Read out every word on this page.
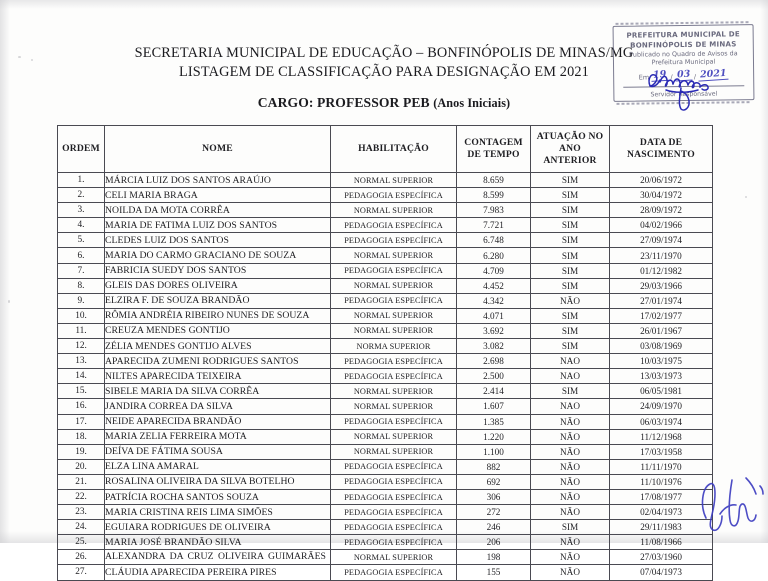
SECRETARIA MUNICIPAL DE EDUCAÇÃO – BONFINÓPOLIS DE MINAS/MG
LISTAGEM DE CLASSIFICAÇÃO PARA DESIGNAÇÃO EM 2021
CARGO: PROFESSOR PEB (Anos Iniciais)
PREFEITURA MUNICIPAL DE
BONFINÓPOLIS DE MINAS
Publicado no Quadro de Avisos da
Prefeitura Municipal
Em 19 / 03 / 2021
Servidor Responsável
ORDEM	NOME	HABILITAÇÃO	CONTAGEM DE TEMPO	ATUAÇÃO NO ANO ANTERIOR	DATA DE NASCIMENTO
1.	MÁRCIA LUIZ DOS SANTOS ARAÚJO	NORMAL SUPERIOR	8.659	SIM	20/06/1972
2.	CELI MARIA BRAGA	PEDAGOGIA ESPECÍFICA	8.599	SIM	30/04/1972
3.	NOILDA DA MOTA CORRÊA	NORMAL SUPERIOR	7.983	SIM	28/09/1972
4.	MARIA DE FATIMA LUIZ DOS SANTOS	PEDAGOGIA ESPECÍFICA	7.721	SIM	04/02/1966
5.	CLEDES LUIZ DOS SANTOS	PEDAGOGIA ESPECÍFICA	6.748	SIM	27/09/1974
6.	MARIA DO CARMO GRACIANO DE SOUZA	NORMAL SUPERIOR	6.280	SIM	23/11/1970
7.	FABRICIA SUEDY DOS SANTOS	PEDAGOGIA ESPECÍFICA	4.709	SIM	01/12/1982
8.	GLEIS DAS DORES OLIVEIRA	NORMAL SUPERIOR	4.452	SIM	29/03/1966
9.	ELZIRA F. DE SOUZA BRANDÃO	PEDAGOGIA ESPECÍFICA	4.342	NÃO	27/01/1974
10.	RÔMIA ANDRÉIA RIBEIRO NUNES DE SOUZA	NORMAL SUPERIOR	4.071	SIM	17/02/1977
11.	CREUZA MENDES GONTIJO	NORMAL SUPERIOR	3.692	SIM	26/01/1967
12.	ZÉLIA MENDES GONTIJO ALVES	NORMA SUPERIOR	3.082	SIM	03/08/1969
13.	APARECIDA ZUMENI RODRIGUES SANTOS	PEDAGOGIA ESPECÍFICA	2.698	NAO	10/03/1975
14.	NILTES APARECIDA TEIXEIRA	PEDAGOGIA ESPECÍFICA	2.500	NAO	13/03/1973
15.	SIBELE MARIA DA SILVA CORRÊA	NORMAL SUPERIOR	2.414	SIM	06/05/1981
16.	JANDIRA CORREA DA SILVA	NORMAL SUPERIOR	1.607	NAO	24/09/1970
17.	NEIDE APARECIDA BRANDÃO	PEDAGOGIA ESPECÍFICA	1.385	NÃO	06/03/1974
18.	MARIA ZELIA FERREIRA MOTA	NORMAL SUPERIOR	1.220	NÃO	11/12/1968
19.	DEÍVA DE FÁTIMA SOUSA	NORMAL SUPERIOR	1.100	NÃO	17/03/1958
20.	ELZA LINA AMARAL	PEDAGOGIA ESPECÍFICA	882	NÃO	11/11/1970
21.	ROSALINA OLIVEIRA DA SILVA BOTELHO	PEDAGOGIA ESPECÍFICA	692	NÃO	11/10/1976
22.	PATRÍCIA ROCHA SANTOS SOUZA	PEDAGOGIA ESPECÍFICA	306	NÃO	17/08/1977
23.	MARIA CRISTINA REIS LIMA SIMÕES	PEDAGOGIA ESPECÍFICA	272	NÃO	02/04/1973
24.	EGUIARA RODRIGUES DE OLIVEIRA	PEDAGOGIA ESPECÍFICA	246	SIM	29/11/1983
25.	MARIA JOSÉ BRANDÃO SILVA	PEDAGOGIA ESPECÍFICA	206	NÃO	11/08/1966
26.	ALEXANDRA DA CRUZ OLIVEIRA GUIMARÃES	NORMAL SUPERIOR	198	NÃO	27/03/1960
27.	CLÁUDIA APARECIDA PEREIRA PIRES	PEDAGOGIA ESPECÍFICA	155	NÃO	07/04/1973
